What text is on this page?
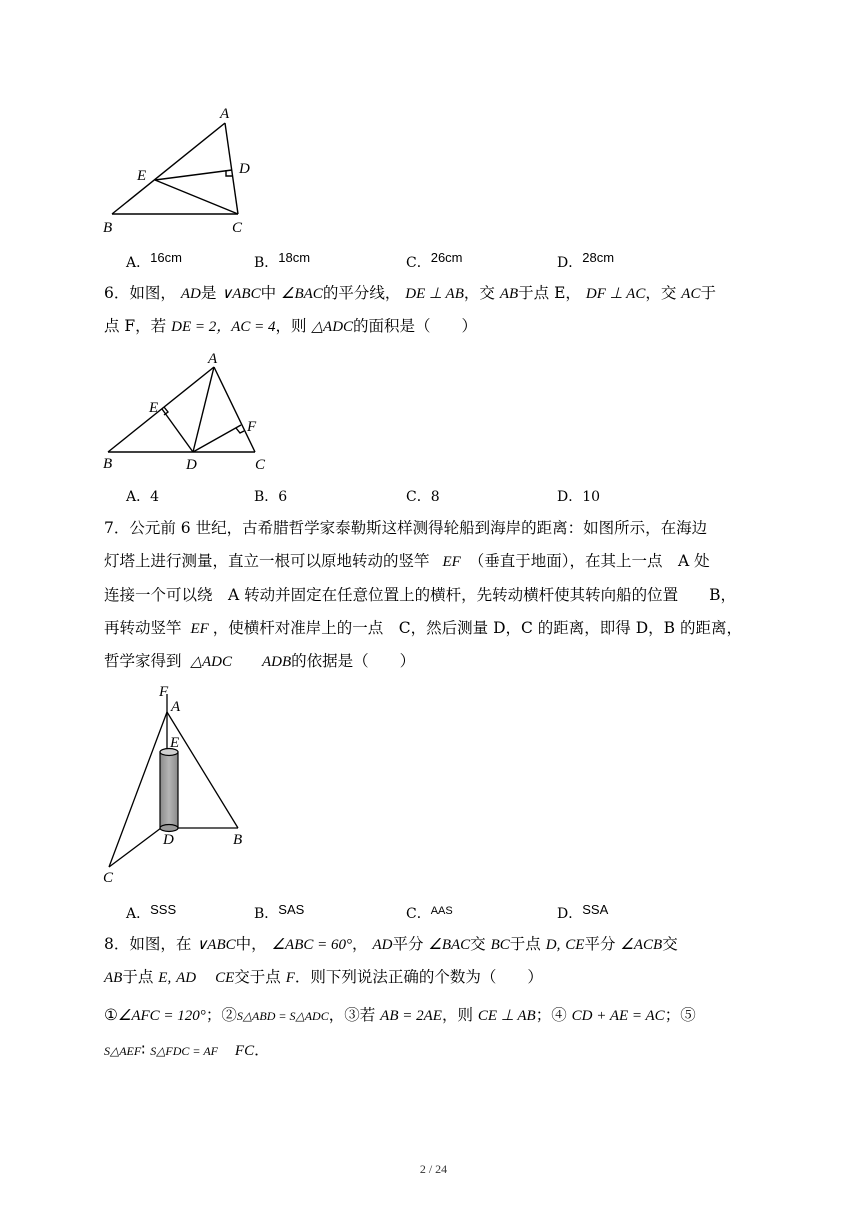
A
E	D
B	C
A．16cm	B．18cm	C．26cm	D．28cm
6．如图， AD是 ∨ABC中 ∠BAC的平分线， DE ⊥ AB，交 AB于点 E， DF ⊥ AC，交 AC于
点 F，若 DE = 2，AC = 4，则 △ADC的面积是（　　）
A
E
F
B	D	C
A．4	B．6	C．8	D．10
7．公元前 6 世纪，古希腊哲学家泰勒斯这样测得轮船到海岸的距离：如图所示，在海边
灯塔上进行测量，直立一根可以原地转动的竖竿 EF （垂直于地面），在其上一点　A 处
连接一个可以绕　A 转动并固定在任意位置上的横杆，先转动横杆使其转向船的位置　　B，
再转动竖竿 EF ，使横杆对准岸上的一点　C，然后测量 D，C 的距离，即得 D，B 的距离，
哲学家得到 △ADC ADB的依据是（　　）
F
A
E
D	B
C
A．SSS	B．SAS	C．$^{AAS}$	D．SSA
8．如图，在 ∨ABC中， ∠ABC = 60°， AD平分 ∠BAC交 BC于点 D, CE平分 ∠ACB交
AB于点 E, AD CE交于点 F．则下列说法正确的个数为（　　）
①∠AFC = 120°；②S△ABD = S△ADC，③若 AB = 2AE，则 CE ⊥ AB；④ CD + AE = AC；⑤
S△AEF∶ S△FDC = AF FC．
2 / 24
